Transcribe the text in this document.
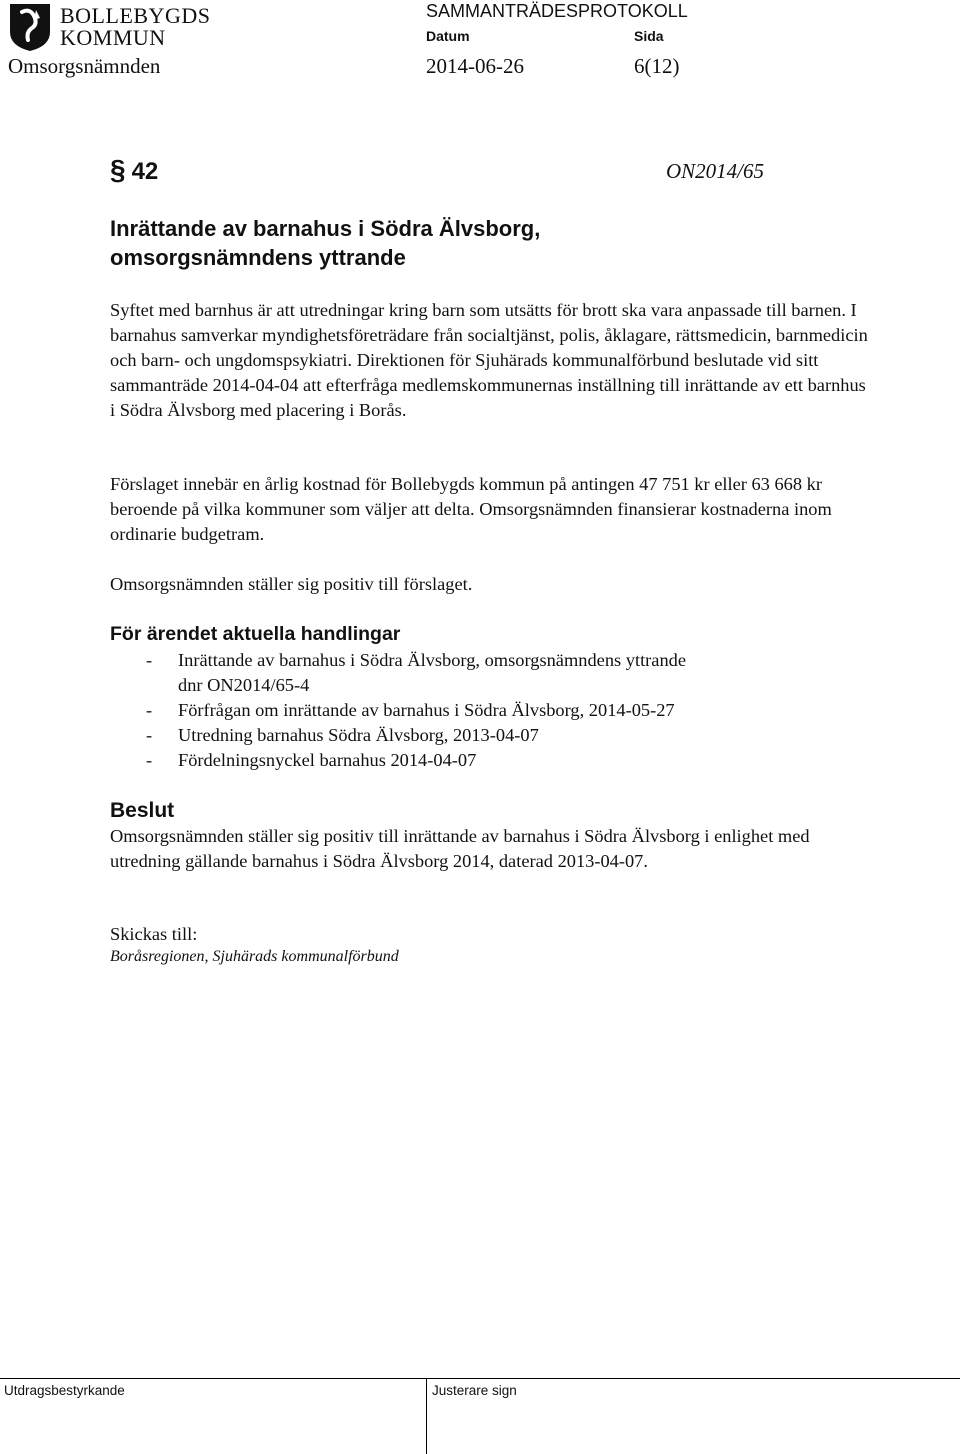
BOLLEBYGDS
KOMMUN
SAMMANTRÄDESPROTOKOLL
Datum	Sida
Omsorgsnämnden	2014-06-26	6(12)
§ 42	ON2014/65
Inrättande av barnahus i Södra Älvsborg,
omsorgsnämndens yttrande

Syftet med barnhus är att utredningar kring barn som utsätts för brott ska vara anpassade till barnen. I barnahus samverkar myndighetsföreträdare från socialtjänst, polis, åklagare, rättsmedicin, barnmedicin och barn- och ungdomspsykiatri. Direktionen för Sjuhärads kommunalförbund beslutade vid sitt sammanträde 2014-04-04 att efterfråga medlemskommunernas inställning till inrättande av ett barnhus i Södra Älvsborg med placering i Borås.

Förslaget innebär en årlig kostnad för Bollebygds kommun på antingen 47 751 kr eller 63 668 kr beroende på vilka kommuner som väljer att delta. Omsorgsnämnden finansierar kostnaderna inom ordinarie budgetram.

Omsorgsnämnden ställer sig positiv till förslaget.

För ärendet aktuella handlingar
- Inrättande av barnahus i Södra Älvsborg, omsorgsnämndens yttrande
dnr ON2014/65-4
- Förfrågan om inrättande av barnahus i Södra Älvsborg, 2014-05-27
- Utredning barnahus Södra Älvsborg, 2013-04-07
- Fördelningsnyckel barnahus 2014-04-07
Beslut

Omsorgsnämnden ställer sig positiv till inrättande av barnahus i Södra Älvsborg i enlighet med utredning gällande barnahus i Södra Älvsborg 2014, daterad 2013-04-07.

Skickas till:
Boråsregionen, Sjuhärads kommunalförbund
Utdragsbestyrkande	Justerare sign
